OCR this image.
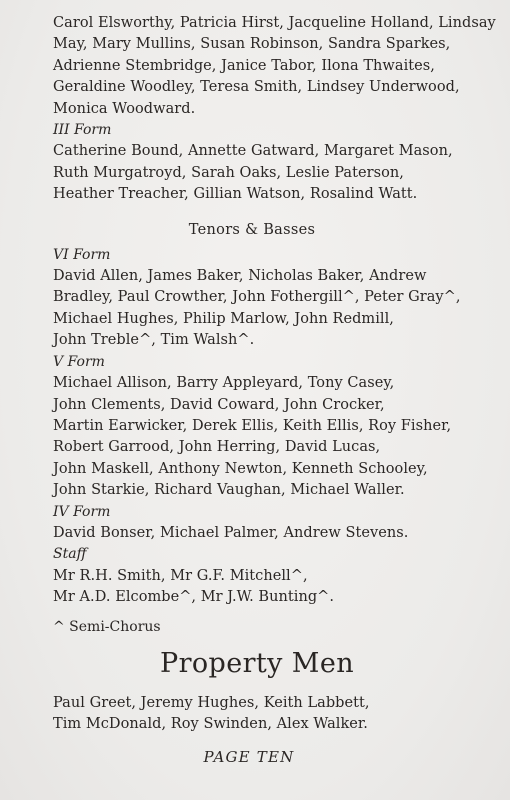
Carol Elsworthy, Patricia Hirst, Jacqueline Holland, Lindsay
May, Mary Mullins, Susan Robinson, Sandra Sparkes,
Adrienne Stembridge, Janice Tabor, Ilona Thwaites,
Geraldine Woodley, Teresa Smith, Lindsey Underwood,
Monica Woodward.
III Form
Catherine Bound, Annette Gatward, Margaret Mason,
Ruth Murgatroyd, Sarah Oaks, Leslie Paterson,
Heather Treacher, Gillian Watson, Rosalind Watt.
Tenors & Basses
VI Form
David Allen, James Baker, Nicholas Baker, Andrew
Bradley, Paul Crowther, John Fothergill^, Peter Gray^,
Michael Hughes, Philip Marlow, John Redmill,
John Treble^, Tim Walsh^.
V Form
Michael Allison, Barry Appleyard, Tony Casey,
John Clements, David Coward, John Crocker,
Martin Earwicker, Derek Ellis, Keith Ellis, Roy Fisher,
Robert Garrood, John Herring, David Lucas,
John Maskell, Anthony Newton, Kenneth Schooley,
John Starkie, Richard Vaughan, Michael Waller.
IV Form
David Bonser, Michael Palmer, Andrew Stevens.
Staff
Mr R.H. Smith, Mr G.F. Mitchell^,
Mr A.D. Elcombe^, Mr J.W. Bunting^.
^ Semi-Chorus
Property Men
Paul Greet, Jeremy Hughes, Keith Labbett,
Tim McDonald, Roy Swinden, Alex Walker.
PAGE TEN
